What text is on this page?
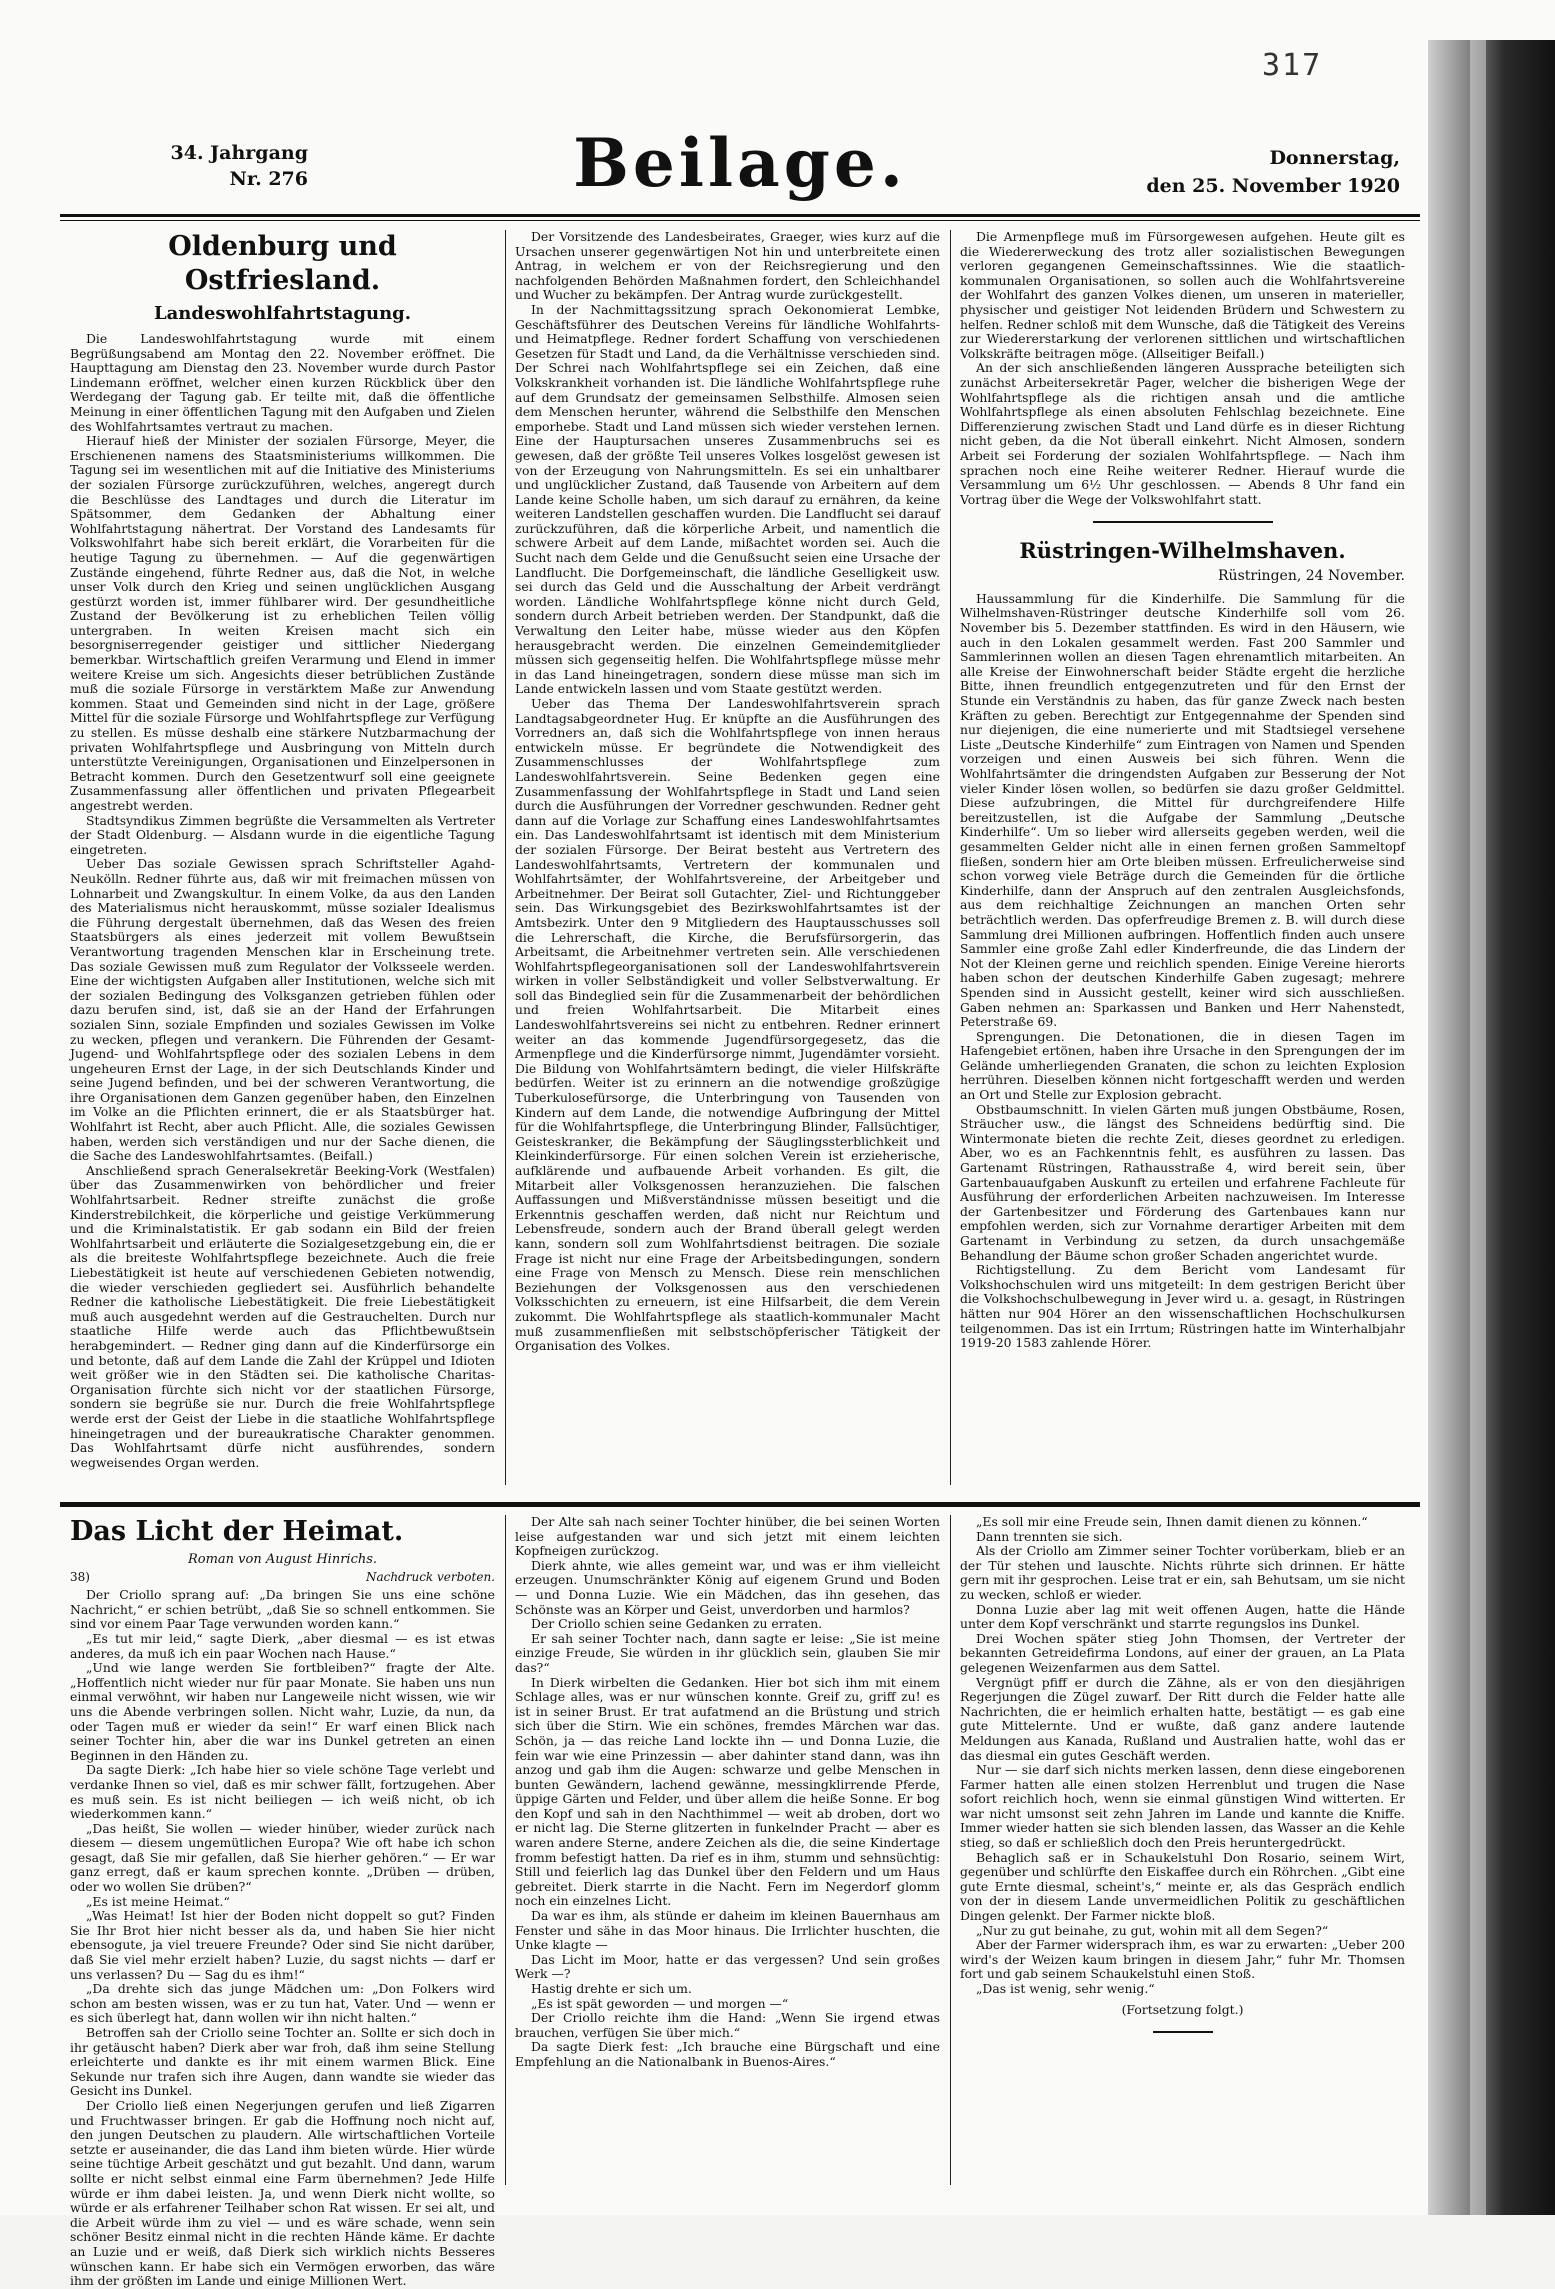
317
34. Jahrgang
Nr. 276	Beilage.	Donnerstag,
den 25. November 1920
Oldenburg und Ostfriesland.
Landeswohlfahrtstagung.

Die Landeswohlfahrtstagung wurde mit einem Begrüßungsabend am Montag den 22. November eröffnet. Die Haupttagung am Dienstag den 23. November wurde durch Pastor Lindemann eröffnet, welcher einen kurzen Rückblick über den Werdegang der Tagung gab. Er teilte mit, daß die öffentliche Meinung in einer öffentlichen Tagung mit den Aufgaben und Zielen des Wohlfahrtsamtes vertraut zu machen.

Hierauf hieß der Minister der sozialen Fürsorge, Meyer, die Erschienenen namens des Staatsministeriums willkommen. Die Tagung sei im wesentlichen mit auf die Initiative des Ministeriums der sozialen Fürsorge zurückzuführen, welches, angeregt durch die Beschlüsse des Landtages und durch die Literatur im Spätsommer, dem Gedanken der Abhaltung einer Wohlfahrtstagung nähertrat. Der Vorstand des Landesamts für Volkswohlfahrt habe sich bereit erklärt, die Vorarbeiten für die heutige Tagung zu übernehmen. — Auf die gegenwärtigen Zustände eingehend, führte Redner aus, daß die Not, in welche unser Volk durch den Krieg und seinen unglücklichen Ausgang gestürzt worden ist, immer fühlbarer wird. Der gesundheitliche Zustand der Bevölkerung ist zu erheblichen Teilen völlig untergraben. In weiten Kreisen macht sich ein besorgniserregender geistiger und sittlicher Niedergang bemerkbar. Wirtschaftlich greifen Verarmung und Elend in immer weitere Kreise um sich. Angesichts dieser betrüblichen Zustände muß die soziale Fürsorge in verstärktem Maße zur Anwendung kommen. Staat und Gemeinden sind nicht in der Lage, größere Mittel für die soziale Fürsorge und Wohlfahrtspflege zur Verfügung zu stellen. Es müsse deshalb eine stärkere Nutzbarmachung der privaten Wohlfahrtspflege und Ausbringung von Mitteln durch unterstützte Vereinigungen, Organisationen und Einzelpersonen in Betracht kommen. Durch den Gesetzentwurf soll eine geeignete Zusammenfassung aller öffentlichen und privaten Pflegearbeit angestrebt werden.

Stadtsyndikus Zimmen begrüßte die Versammelten als Vertreter der Stadt Oldenburg. — Alsdann wurde in die eigentliche Tagung eingetreten.

Ueber Das soziale Gewissen sprach Schriftsteller Agahd-Neukölln. Redner führte aus, daß wir mit freimachen müssen von Lohnarbeit und Zwangskultur. In einem Volke, da aus den Landen des Materialismus nicht herauskommt, müsse sozialer Idealismus die Führung dergestalt übernehmen, daß das Wesen des freien Staatsbürgers als eines jederzeit mit vollem Bewußtsein Verantwortung tragenden Menschen klar in Erscheinung trete. Das soziale Gewissen muß zum Regulator der Volksseele werden. Eine der wichtigsten Aufgaben aller Institutionen, welche sich mit der sozialen Bedingung des Volksganzen getrieben fühlen oder dazu berufen sind, ist, daß sie an der Hand der Erfahrungen sozialen Sinn, soziale Empfinden und soziales Gewissen im Volke zu wecken, pflegen und verankern. Die Führenden der Gesamt-Jugend- und Wohlfahrtspflege oder des sozialen Lebens in dem ungeheuren Ernst der Lage, in der sich Deutschlands Kinder und seine Jugend befinden, und bei der schweren Verantwortung, die ihre Organisationen dem Ganzen gegenüber haben, den Einzelnen im Volke an die Pflichten erinnert, die er als Staatsbürger hat. Wohlfahrt ist Recht, aber auch Pflicht. Alle, die soziales Gewissen haben, werden sich verständigen und nur der Sache dienen, die die Sache des Landeswohlfahrtsamtes. (Beifall.)

Anschließend sprach Generalsekretär Beeking-Vork (Westfalen) über das Zusammenwirken von behördlicher und freier Wohlfahrtsarbeit. Redner streifte zunächst die große Kinderstrebilchkeit, die körperliche und geistige Verkümmerung und die Kriminalstatistik. Er gab sodann ein Bild der freien Wohlfahrtsarbeit und erläuterte die Sozialgesetzgebung ein, die er als die breiteste Wohlfahrtspflege bezeichnete. Auch die freie Liebestätigkeit ist heute auf verschiedenen Gebieten notwendig, die wieder verschieden gegliedert sei. Ausführlich behandelte Redner die katholische Liebestätigkeit. Die freie Liebestätigkeit muß auch ausgedehnt werden auf die Gestrauchelten. Durch nur staatliche Hilfe werde auch das Pflichtbewußtsein herabgemindert. — Redner ging dann auf die Kinderfürsorge ein und betonte, daß auf dem Lande die Zahl der Krüppel und Idioten weit größer wie in den Städten sei. Die katholische Charitas-Organisation fürchte sich nicht vor der staatlichen Fürsorge, sondern sie begrüße sie nur. Durch die freie Wohlfahrtspflege werde erst der Geist der Liebe in die staatliche Wohlfahrtspflege hineingetragen und der bureaukratische Charakter genommen. Das Wohlfahrtsamt dürfe nicht ausführendes, sondern wegweisendes Organ werden.

Der Vorsitzende des Landesbeirates, Graeger, wies kurz auf die Ursachen unserer gegenwärtigen Not hin und unterbreitete einen Antrag, in welchem er von der Reichsregierung und den nachfolgenden Behörden Maßnahmen fordert, den Schleichhandel und Wucher zu bekämpfen. Der Antrag wurde zurückgestellt.

In der Nachmittagssitzung sprach Oekonomierat Lembke, Geschäftsführer des Deutschen Vereins für ländliche Wohlfahrts- und Heimatpflege. Redner fordert Schaffung von verschiedenen Gesetzen für Stadt und Land, da die Verhältnisse verschieden sind. Der Schrei nach Wohlfahrtspflege sei ein Zeichen, daß eine Volkskrankheit vorhanden ist. Die ländliche Wohlfahrtspflege ruhe auf dem Grundsatz der gemeinsamen Selbsthilfe. Almosen seien dem Menschen herunter, während die Selbsthilfe den Menschen emporhebe. Stadt und Land müssen sich wieder verstehen lernen. Eine der Hauptursachen unseres Zusammenbruchs sei es gewesen, daß der größte Teil unseres Volkes losgelöst gewesen ist von der Erzeugung von Nahrungsmitteln. Es sei ein unhaltbarer und unglücklicher Zustand, daß Tausende von Arbeitern auf dem Lande keine Scholle haben, um sich darauf zu ernähren, da keine weiteren Landstellen geschaffen wurden. Die Landflucht sei darauf zurückzuführen, daß die körperliche Arbeit, und namentlich die schwere Arbeit auf dem Lande, mißachtet worden sei. Auch die Sucht nach dem Gelde und die Genußsucht seien eine Ursache der Landflucht. Die Dorfgemeinschaft, die ländliche Geselligkeit usw. sei durch das Geld und die Ausschaltung der Arbeit verdrängt worden. Ländliche Wohlfahrtspflege könne nicht durch Geld, sondern durch Arbeit betrieben werden. Der Standpunkt, daß die Verwaltung den Leiter habe, müsse wieder aus den Köpfen herausgebracht werden. Die einzelnen Gemeindemitglieder müssen sich gegenseitig helfen. Die Wohlfahrtspflege müsse mehr in das Land hineingetragen, sondern diese müsse man sich im Lande entwickeln lassen und vom Staate gestützt werden.

Ueber das Thema Der Landeswohlfahrtsverein sprach Landtagsabgeordneter Hug. Er knüpfte an die Ausführungen des Vorredners an, daß sich die Wohlfahrtspflege von innen heraus entwickeln müsse. Er begründete die Notwendigkeit des Zusammenschlusses der Wohlfahrtspflege zum Landeswohlfahrtsverein. Seine Bedenken gegen eine Zusammenfassung der Wohlfahrtspflege in Stadt und Land seien durch die Ausführungen der Vorredner geschwunden. Redner geht dann auf die Vorlage zur Schaffung eines Landeswohlfahrtsamtes ein. Das Landeswohlfahrtsamt ist identisch mit dem Ministerium der sozialen Fürsorge. Der Beirat besteht aus Vertretern des Landeswohlfahrtsamts, Vertretern der kommunalen und Wohlfahrtsämter, der Wohlfahrtsvereine, der Arbeitgeber und Arbeitnehmer. Der Beirat soll Gutachter, Ziel- und Richtunggeber sein. Das Wirkungsgebiet des Bezirkswohlfahrtsamtes ist der Amtsbezirk. Unter den 9 Mitgliedern des Hauptausschusses soll die Lehrerschaft, die Kirche, die Berufsfürsorgerin, das Arbeitsamt, die Arbeitnehmer vertreten sein. Alle verschiedenen Wohlfahrtspflegeorganisationen soll der Landeswohlfahrtsverein wirken in voller Selbständigkeit und voller Selbstverwaltung. Er soll das Bindeglied sein für die Zusammenarbeit der behördlichen und freien Wohlfahrtsarbeit. Die Mitarbeit eines Landeswohlfahrtsvereins sei nicht zu entbehren. Redner erinnert weiter an das kommende Jugendfürsorgegesetz, das die Armenpflege und die Kinderfürsorge nimmt, Jugendämter vorsieht. Die Bildung von Wohlfahrtsämtern bedingt, die vieler Hilfskräfte bedürfen. Weiter ist zu erinnern an die notwendige großzügige Tuberkulosefürsorge, die Unterbringung von Tausenden von Kindern auf dem Lande, die notwendige Aufbringung der Mittel für die Wohlfahrtspflege, die Unterbringung Blinder, Fallsüchtiger, Geisteskranker, die Bekämpfung der Säuglingssterblichkeit und Kleinkinderfürsorge. Für einen solchen Verein ist erzieherische, aufklärende und aufbauende Arbeit vorhanden. Es gilt, die Mitarbeit aller Volksgenossen heranzuziehen. Die falschen Auffassungen und Mißverständnisse müssen beseitigt und die Erkenntnis geschaffen werden, daß nicht nur Reichtum und Lebensfreude, sondern auch der Brand überall gelegt werden kann, sondern soll zum Wohlfahrtsdienst beitragen. Die soziale Frage ist nicht nur eine Frage der Arbeitsbedingungen, sondern eine Frage von Mensch zu Mensch. Diese rein menschlichen Beziehungen der Volksgenossen aus den verschiedenen Volksschichten zu erneuern, ist eine Hilfsarbeit, die dem Verein zukommt. Die Wohlfahrtspflege als staatlich-kommunaler Macht muß zusammenfließen mit selbstschöpferischer Tätigkeit der Organisation des Volkes.

Die Armenpflege muß im Fürsorgewesen aufgehen. Heute gilt es die Wiedererweckung des trotz aller sozialistischen Bewegungen verloren gegangenen Gemeinschaftssinnes. Wie die staatlich-kommunalen Organisationen, so sollen auch die Wohlfahrtsvereine der Wohlfahrt des ganzen Volkes dienen, um unseren in materieller, physischer und geistiger Not leidenden Brüdern und Schwestern zu helfen. Redner schloß mit dem Wunsche, daß die Tätigkeit des Vereins zur Wiedererstarkung der verlorenen sittlichen und wirtschaftlichen Volkskräfte beitragen möge. (Allseitiger Beifall.)

An der sich anschließenden längeren Aussprache beteiligten sich zunächst Arbeitersekretär Pager, welcher die bisherigen Wege der Wohlfahrtspflege als die richtigen ansah und die amtliche Wohlfahrtspflege als einen absoluten Fehlschlag bezeichnete. Eine Differenzierung zwischen Stadt und Land dürfe es in dieser Richtung nicht geben, da die Not überall einkehrt. Nicht Almosen, sondern Arbeit sei Forderung der sozialen Wohlfahrtspflege. — Nach ihm sprachen noch eine Reihe weiterer Redner. Hierauf wurde die Versammlung um 6½ Uhr geschlossen. — Abends 8 Uhr fand ein Vortrag über die Wege der Volkswohlfahrt statt.

Rüstringen-Wilhelmshaven.
Rüstringen, 24 November.

Haussammlung für die Kinderhilfe. Die Sammlung für die Wilhelmshaven-Rüstringer deutsche Kinderhilfe soll vom 26. November bis 5. Dezember stattfinden. Es wird in den Häusern, wie auch in den Lokalen gesammelt werden. Fast 200 Sammler und Sammlerinnen wollen an diesen Tagen ehrenamtlich mitarbeiten. An alle Kreise der Einwohnerschaft beider Städte ergeht die herzliche Bitte, ihnen freundlich entgegenzutreten und für den Ernst der Stunde ein Verständnis zu haben, das für ganze Zweck nach besten Kräften zu geben. Berechtigt zur Entgegennahme der Spenden sind nur diejenigen, die eine numerierte und mit Stadtsiegel versehene Liste „Deutsche Kinderhilfe“ zum Eintragen von Namen und Spenden vorzeigen und einen Ausweis bei sich führen. Wenn die Wohlfahrtsämter die dringendsten Aufgaben zur Besserung der Not vieler Kinder lösen wollen, so bedürfen sie dazu großer Geldmittel. Diese aufzubringen, die Mittel für durchgreifendere Hilfe bereitzustellen, ist die Aufgabe der Sammlung „Deutsche Kinderhilfe“. Um so lieber wird allerseits gegeben werden, weil die gesammelten Gelder nicht alle in einen fernen großen Sammeltopf fließen, sondern hier am Orte bleiben müssen. Erfreulicherweise sind schon vorweg viele Beträge durch die Gemeinden für die örtliche Kinderhilfe, dann der Anspruch auf den zentralen Ausgleichsfonds, aus dem reichhaltige Zeichnungen an manchen Orten sehr beträchtlich werden. Das opferfreudige Bremen z. B. will durch diese Sammlung drei Millionen aufbringen. Hoffentlich finden auch unsere Sammler eine große Zahl edler Kinderfreunde, die das Lindern der Not der Kleinen gerne und reichlich spenden. Einige Vereine hierorts haben schon der deutschen Kinderhilfe Gaben zugesagt; mehrere Spenden sind in Aussicht gestellt, keiner wird sich ausschließen. Gaben nehmen an: Sparkassen und Banken und Herr Nahenstedt, Peterstraße 69.

Sprengungen. Die Detonationen, die in diesen Tagen im Hafengebiet ertönen, haben ihre Ursache in den Sprengungen der im Gelände umherliegenden Granaten, die schon zu leichten Explosion herrühren. Dieselben können nicht fortgeschafft werden und werden an Ort und Stelle zur Explosion gebracht.

Obstbaumschnitt. In vielen Gärten muß jungen Obstbäume, Rosen, Sträucher usw., die längst des Schneidens bedürftig sind. Die Wintermonate bieten die rechte Zeit, dieses geordnet zu erledigen. Aber, wo es an Fachkenntnis fehlt, es ausführen zu lassen. Das Gartenamt Rüstringen, Rathausstraße 4, wird bereit sein, über Gartenbauaufgaben Auskunft zu erteilen und erfahrene Fachleute für Ausführung der erforderlichen Arbeiten nachzuweisen. Im Interesse der Gartenbesitzer und Förderung des Gartenbaues kann nur empfohlen werden, sich zur Vornahme derartiger Arbeiten mit dem Gartenamt in Verbindung zu setzen, da durch unsachgemäße Behandlung der Bäume schon großer Schaden angerichtet wurde.

Richtigstellung. Zu dem Bericht vom Landesamt für Volkshochschulen wird uns mitgeteilt: In dem gestrigen Bericht über die Volkshochschulbewegung in Jever wird u. a. gesagt, in Rüstringen hätten nur 904 Hörer an den wissenschaftlichen Hochschulkursen teilgenommen. Das ist ein Irrtum; Rüstringen hatte im Winterhalbjahr 1919-20 1583 zahlende Hörer.

Das Licht der Heimat.
Roman von August Hinrichs.
38)	Nachdruck verboten.

Der Criollo sprang auf: „Da bringen Sie uns eine schöne Nachricht,“ er schien betrübt, „daß Sie so schnell entkommen. Sie sind vor einem Paar Tage verwunden worden kann.“

„Es tut mir leid,“ sagte Dierk, „aber diesmal — es ist etwas anderes, da muß ich ein paar Wochen nach Hause.“

„Und wie lange werden Sie fortbleiben?“ fragte der Alte. „Hoffentlich nicht wieder nur für paar Monate. Sie haben uns nun einmal verwöhnt, wir haben nur Langeweile nicht wissen, wie wir uns die Abende verbringen sollen. Nicht wahr, Luzie, da nun, da oder Tagen muß er wieder da sein!“ Er warf einen Blick nach seiner Tochter hin, aber die war ins Dunkel getreten an einen Beginnen in den Händen zu.

Da sagte Dierk: „Ich habe hier so viele schöne Tage verlebt und verdanke Ihnen so viel, daß es mir schwer fällt, fortzugehen. Aber es muß sein. Es ist nicht beiliegen — ich weiß nicht, ob ich wiederkommen kann.“

„Das heißt, Sie wollen — wieder hinüber, wieder zurück nach diesem — diesem ungemütlichen Europa? Wie oft habe ich schon gesagt, daß Sie mir gefallen, daß Sie hierher gehören.“ — Er war ganz erregt, daß er kaum sprechen konnte. „Drüben — drüben, oder wo wollen Sie drüben?“

„Es ist meine Heimat.“

„Was Heimat! Ist hier der Boden nicht doppelt so gut? Finden Sie Ihr Brot hier nicht besser als da, und haben Sie hier nicht ebensogute, ja viel treuere Freunde? Oder sind Sie nicht darüber, daß Sie viel mehr erzielt haben? Luzie, du sagst nichts — darf er uns verlassen? Du — Sag du es ihm!“

„Da drehte sich das junge Mädchen um: „Don Folkers wird schon am besten wissen, was er zu tun hat, Vater. Und — wenn er es sich überlegt hat, dann wollen wir ihn nicht halten.“

Betroffen sah der Criollo seine Tochter an. Sollte er sich doch in ihr getäuscht haben? Dierk aber war froh, daß ihm seine Stellung erleichterte und dankte es ihr mit einem warmen Blick. Eine Sekunde nur trafen sich ihre Augen, dann wandte sie wieder das Gesicht ins Dunkel.

Der Criollo ließ einen Negerjungen gerufen und ließ Zigarren und Fruchtwasser bringen. Er gab die Hoffnung noch nicht auf, den jungen Deutschen zu plaudern. Alle wirtschaftlichen Vorteile setzte er auseinander, die das Land ihm bieten würde. Hier würde seine tüchtige Arbeit geschätzt und gut bezahlt. Und dann, warum sollte er nicht selbst einmal eine Farm übernehmen? Jede Hilfe würde er ihm dabei leisten. Ja, und wenn Dierk nicht wollte, so würde er als erfahrener Teilhaber schon Rat wissen. Er sei alt, und die Arbeit würde ihm zu viel — und es wäre schade, wenn sein schöner Besitz einmal nicht in die rechten Hände käme. Er dachte an Luzie und er weiß, daß Dierk sich wirklich nichts Besseres wünschen kann. Er habe sich ein Vermögen erworben, das wäre ihm der größten im Lande und einige Millionen Wert.

Der Alte sah nach seiner Tochter hinüber, die bei seinen Worten leise aufgestanden war und sich jetzt mit einem leichten Kopfneigen zurückzog.

Dierk ahnte, wie alles gemeint war, und was er ihm vielleicht erzeugen. Unumschränkter König auf eigenem Grund und Boden — und Donna Luzie. Wie ein Mädchen, das ihn gesehen, das Schönste was an Körper und Geist, unverdorben und harmlos?

Der Criollo schien seine Gedanken zu erraten.

Er sah seiner Tochter nach, dann sagte er leise: „Sie ist meine einzige Freude, Sie würden in ihr glücklich sein, glauben Sie mir das?“

In Dierk wirbelten die Gedanken. Hier bot sich ihm mit einem Schlage alles, was er nur wünschen konnte. Greif zu, griff zu! es ist in seiner Brust. Er trat aufatmend an die Brüstung und strich sich über die Stirn. Wie ein schönes, fremdes Märchen war das. Schön, ja — das reiche Land lockte ihn — und Donna Luzie, die fein war wie eine Prinzessin — aber dahinter stand dann, was ihn anzog und gab ihm die Augen: schwarze und gelbe Menschen in bunten Gewändern, lachend gewänne, messingklirrende Pferde, üppige Gärten und Felder, und über allem die heiße Sonne. Er bog den Kopf und sah in den Nachthimmel — weit ab droben, dort wo er nicht lag. Die Sterne glitzerten in funkelnder Pracht — aber es waren andere Sterne, andere Zeichen als die, die seine Kindertage fromm befestigt hatten. Da rief es in ihm, stumm und sehnsüchtig: Still und feierlich lag das Dunkel über den Feldern und um Haus gebreitet. Dierk starrte in die Nacht. Fern im Negerdorf glomm noch ein einzelnes Licht.

Da war es ihm, als stünde er daheim im kleinen Bauernhaus am Fenster und sähe in das Moor hinaus. Die Irrlichter huschten, die Unke klagte —

Das Licht im Moor, hatte er das vergessen? Und sein großes Werk —?

Hastig drehte er sich um.

„Es ist spät geworden — und morgen —“

Der Criollo reichte ihm die Hand: „Wenn Sie irgend etwas brauchen, verfügen Sie über mich.“

Da sagte Dierk fest: „Ich brauche eine Bürgschaft und eine Empfehlung an die Nationalbank in Buenos-Aires.“

„Es soll mir eine Freude sein, Ihnen damit dienen zu können.“

Dann trennten sie sich.

Als der Criollo am Zimmer seiner Tochter vorüberkam, blieb er an der Tür stehen und lauschte. Nichts rührte sich drinnen. Er hätte gern mit ihr gesprochen. Leise trat er ein, sah Behutsam, um sie nicht zu wecken, schloß er wieder.

Donna Luzie aber lag mit weit offenen Augen, hatte die Hände unter dem Kopf verschränkt und starrte regungslos ins Dunkel.

Drei Wochen später stieg John Thomsen, der Vertreter der bekannten Getreidefirma Londons, auf einer der grauen, an La Plata gelegenen Weizenfarmen aus dem Sattel.

Vergnügt pfiff er durch die Zähne, als er von den diesjährigen Regerjungen die Zügel zuwarf. Der Ritt durch die Felder hatte alle Nachrichten, die er heimlich erhalten hatte, bestätigt — es gab eine gute Mittelernte. Und er wußte, daß ganz andere lautende Meldungen aus Kanada, Rußland und Australien hatte, wohl das er das diesmal ein gutes Geschäft werden.

Nur — sie darf sich nichts merken lassen, denn diese eingeborenen Farmer hatten alle einen stolzen Herrenblut und trugen die Nase sofort reichlich hoch, wenn sie einmal günstigen Wind witterten. Er war nicht umsonst seit zehn Jahren im Lande und kannte die Kniffe. Immer wieder hatten sie sich blenden lassen, das Wasser an die Kehle stieg, so daß er schließlich doch den Preis heruntergedrückt.

Behaglich saß er in Schaukelstuhl Don Rosario, seinem Wirt, gegenüber und schlürfte den Eiskaffee durch ein Röhrchen. „Gibt eine gute Ernte diesmal, scheint's,“ meinte er, als das Gespräch endlich von der in diesem Lande unvermeidlichen Politik zu geschäftlichen Dingen gelenkt. Der Farmer nickte bloß.

„Nur zu gut beinahe, zu gut, wohin mit all dem Segen?“

Aber der Farmer widersprach ihm, es war zu erwarten: „Ueber 200 wird's der Weizen kaum bringen in diesem Jahr,“ fuhr Mr. Thomsen fort und gab seinem Schaukelstuhl einen Stoß.

„Das ist wenig, sehr wenig.“

(Fortsetzung folgt.)
